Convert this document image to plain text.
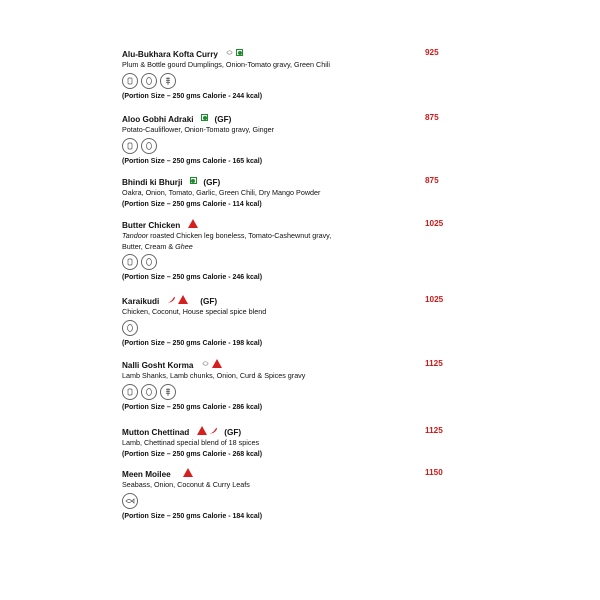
Alu-Bukhara Kofta Curry
Plum & Bottle gourd Dumplings, Onion-Tomato gravy, Green Chili
(Portion Size – 250 gms Calorie - 244 kcal)
925
Aloo Gobhi Adraki	(GF)
Potato-Cauliflower, Onion-Tomato gravy, Ginger
(Portion Size – 250 gms Calorie - 165 kcal)
875
Bhindi ki Bhurji	(GF)
Oakra, Onion, Tomato, Garlic, Green Chili, Dry Mango Powder
(Portion Size – 250 gms Calorie - 114 kcal)
875
Butter Chicken
Tandoor roasted Chicken leg boneless, Tomato-Cashewnut gravy,
Butter, Cream & Ghee
(Portion Size – 250 gms Calorie - 246 kcal)
1025
Karaikudi	(GF)
Chicken, Coconut, House special spice blend
(Portion Size – 250 gms Calorie - 198 kcal)
1025
Nalli Gosht Korma
Lamb Shanks, Lamb chunks, Onion, Curd & Spices gravy
(Portion Size – 250 gms Calorie - 286 kcal)
1125
Mutton Chettinad	(GF)
Lamb, Chettinad special blend of 18 spices
(Portion Size – 250 gms Calorie - 268 kcal)
1125
Meen Moilee
Seabass, Onion, Coconut & Curry Leafs
(Portion Size – 250 gms Calorie - 184 kcal)
1150
